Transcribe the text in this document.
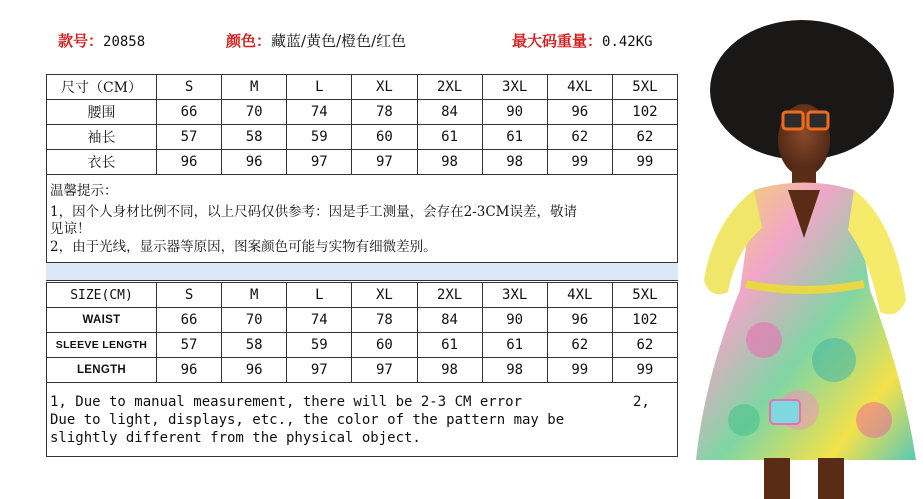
款号：20858	颜色：藏蓝/黄色/橙色/红色	最大码重量：0.42KG
尺寸（CM）	S	M	L	XL	2XL	3XL	4XL	5XL
腰围	66	70	74	78	84	90	96	102
袖长	57	58	59	60	61	61	62	62
衣长	96	96	97	97	98	98	99	99
温馨提示：
1，因个人身材比例不同，以上尺码仅供参考：因是手工测量，会存在2-3CM误差，敬请
见谅！
2，由于光线，显示器等原因，图案颜色可能与实物有细微差别。
SIZE(CM)	S	M	L	XL	2XL	3XL	4XL	5XL
WAIST	66	70	74	78	84	90	96	102
SLEEVE LENGTH	57	58	59	60	61	61	62	62
LENGTH	96	96	97	97	98	98	99	99
1, Due to manual measurement, there will be 2-3 CM error	2,
Due to light, displays, etc., the color of the pattern may be
slightly different from the physical object.
